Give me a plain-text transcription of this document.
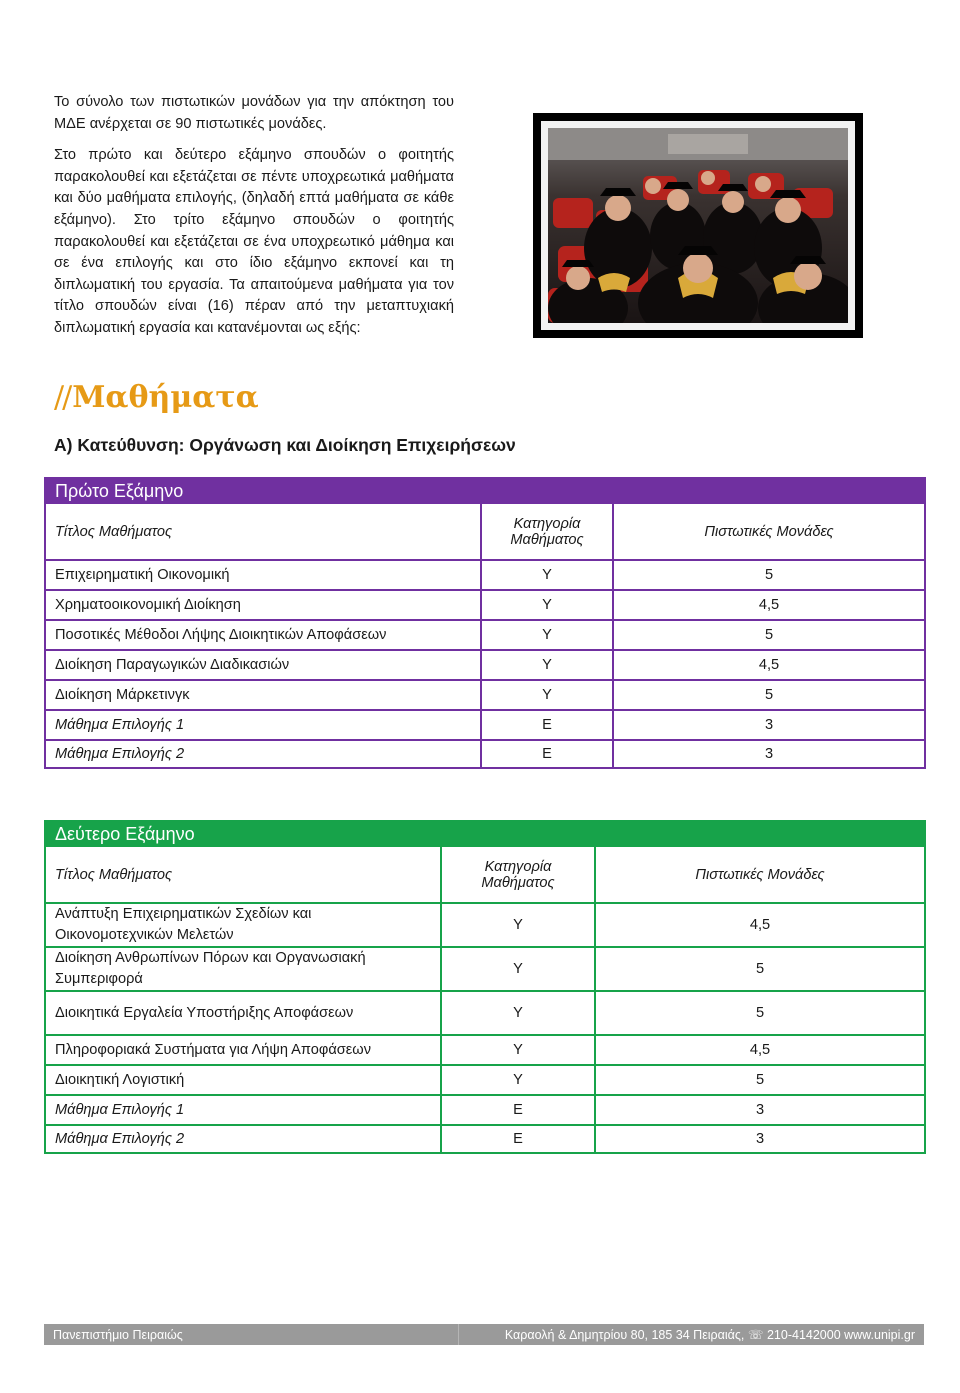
Το σύνολο των πιστωτικών μονάδων για την απόκτηση του ΜΔΕ ανέρχεται σε 90 πιστωτικές μονάδες.

Στο πρώτο και δεύτερο εξάμηνο σπουδών ο φοιτητής παρακολουθεί και εξετάζεται σε πέντε υποχρεωτικά μαθήματα και δύο μαθήματα επιλογής, (δηλαδή επτά μαθήματα σε κάθε εξάμηνο). Στο τρίτο εξάμηνο σπουδών ο φοιτητής παρακολουθεί και εξετάζεται σε ένα υποχρεωτικό μάθημα και σε ένα επιλογής και στο ίδιο εξάμηνο εκπονεί και τη διπλωματική του εργασία. Τα απαιτούμενα μαθήματα για τον τίτλο σπουδών είναι (16) πέραν από την μεταπτυχιακή διπλωματική εργασία και κατανέμονται ως εξής:

//Μαθήματα
Α) Κατεύθυνση: Οργάνωση και Διοίκηση Επιχειρήσεων
Πρώτο Εξάμηνο		
Τίτλος Μαθήματος	Κατηγορία Μαθήματος	Πιστωτικές Μονάδες
Επιχειρηματική Οικονομική	Υ	5
Χρηματοοικονομική Διοίκηση	Υ	4,5
Ποσοτικές Μέθοδοι Λήψης Διοικητικών Αποφάσεων	Υ	5
Διοίκηση Παραγωγικών Διαδικασιών	Υ	4,5
Διοίκηση Μάρκετινγκ	Υ	5
Μάθημα Επιλογής 1	Ε	3
Μάθημα Επιλογής 2	Ε	3
Δεύτερο Εξάμηνο		
Τίτλος Μαθήματος	Κατηγορία Μαθήματος	Πιστωτικές Μονάδες
Ανάπτυξη Επιχειρηματικών Σχεδίων και Οικονομοτεχνικών Μελετών	Υ	4,5
Διοίκηση Ανθρωπίνων Πόρων και Οργανωσιακή Συμπεριφορά	Υ	5
Διοικητικά Εργαλεία Υποστήριξης Αποφάσεων	Υ	5
Πληροφοριακά Συστήματα για Λήψη Αποφάσεων	Υ	4,5
Διοικητική Λογιστική	Υ	5
Μάθημα Επιλογής 1	Ε	3
Μάθημα Επιλογής 2	Ε	3
Πανεπιστήμιο Πειραιώς	Καραολή & Δημητρίου 80, 185 34 Πειραιάς, ☏ 210-4142000 www.unipi.gr
